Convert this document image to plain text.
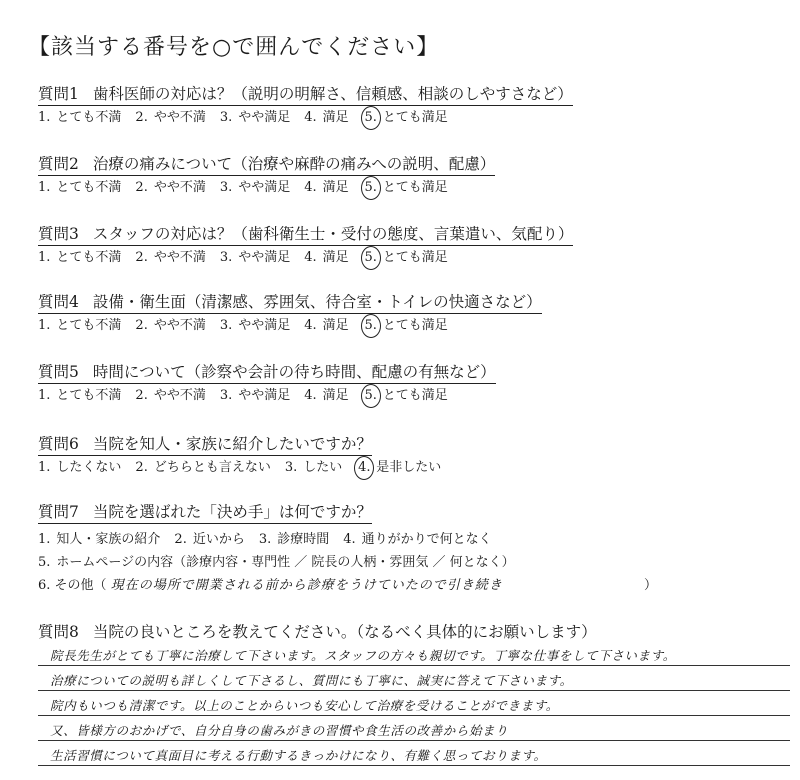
【該当する番号を○で囲んでください】
質問1 歯科医師の対応は？（説明の明解さ、信頼感、相談のしやすさなど）
1. とても不満 2. やや不満 3. やや満足 4. 満足 5. とても満足
質問2 治療の痛みについて（治療や麻酔の痛みへの説明、配慮）
1. とても不満 2. やや不満 3. やや満足 4. 満足 5. とても満足
質問3 スタッフの対応は？（歯科衛生士・受付の態度、言葉遣い、気配り）
1. とても不満 2. やや不満 3. やや満足 4. 満足 5. とても満足
質問4 設備・衛生面（清潔感、雰囲気、待合室・トイレの快適さなど）
1. とても不満 2. やや不満 3. やや満足 4. 満足 5. とても満足
質問5 時間について（診察や会計の待ち時間、配慮の有無など）
1. とても不満 2. やや不満 3. やや満足 4. 満足 5. とても満足
質問6 当院を知人・家族に紹介したいですか？
1. したくない 2. どちらとも言えない 3. したい 4. 是非したい
質問7 当院を選ばれた「決め手」は何ですか？
1. 知人・家族の紹介 2. 近いから 3. 診療時間 4. 通りがかりで何となく
5. ホームページの内容（診療内容・専門性 ／ 院長の人柄・雰囲気 ／ 何となく）
6. その他（ 現在の場所で開業される前から診療をうけていたので引き続き	）
質問8 当院の良いところを教えてください。（なるべく具体的にお願いします）
院長先生がとても丁寧に治療して下さいます。スタッフの方々も親切です。丁寧な仕事をして下さいます。
治療についての説明も詳しくして下さるし、質問にも丁寧に、誠実に答えて下さいます。
院内もいつも清潔です。以上のことからいつも安心して治療を受けることができます。
又、皆様方のおかげで、自分自身の歯みがきの習慣や食生活の改善から始まり
生活習慣について真面目に考える行動するきっかけになり、有難く思っております。
